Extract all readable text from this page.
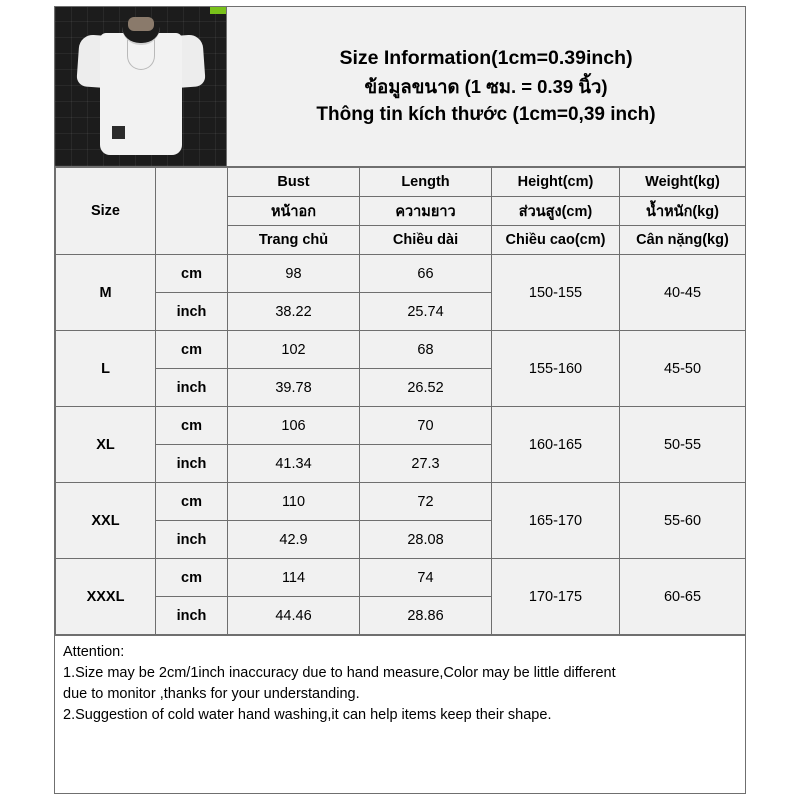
Size Information(1cm=0.39inch)
ข้อมูลขนาด (1 ซม. = 0.39 นิ้ว)
Thông tin kích thước (1cm=0,39 inch)
Size		Bust	Length	Height(cm)	Weight(kg)
		หน้าอก	ความยาว	ส่วนสูง(cm)	น้ำหนัก(kg)
		Trang chủ	Chiều dài	Chiều cao(cm)	Cân nặng(kg)
M	cm	98	66	150-155	40-45
	inch	38.22	25.74		
L	cm	102	68	155-160	45-50
	inch	39.78	26.52		
XL	cm	106	70	160-165	50-55
	inch	41.34	27.3		
XXL	cm	110	72	165-170	55-60
	inch	42.9	28.08		
XXXL	cm	114	74	170-175	60-65
	inch	44.46	28.86		

Attention:

1.Size may be 2cm/1inch inaccuracy due to hand measure,Color may be little different

due to monitor ,thanks for your understanding.

2.Suggestion of cold water hand washing,it can help items keep their shape.
